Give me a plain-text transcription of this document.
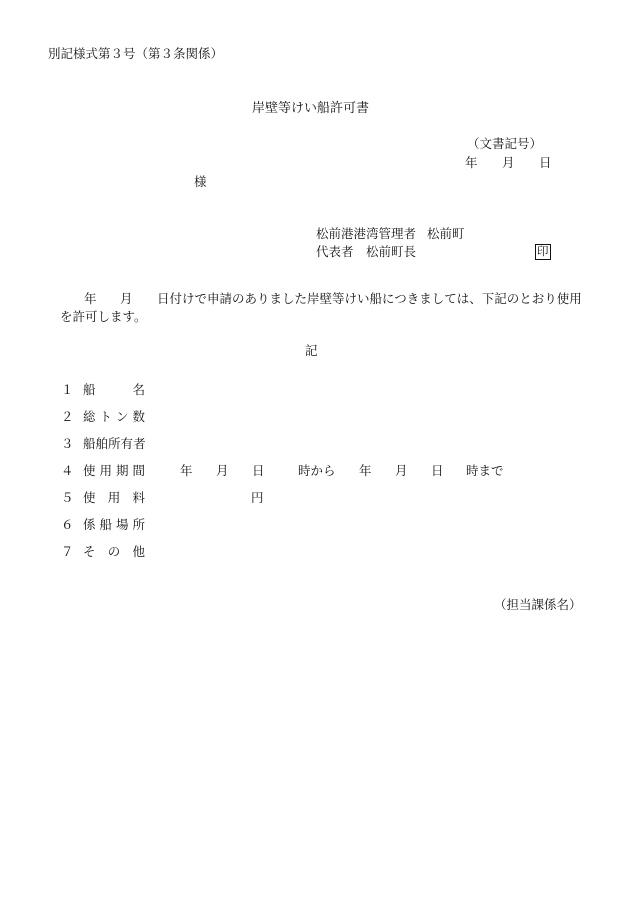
別記様式第３号（第３条関係）
岸壁等けい船許可書
（文書記号）
年 月 日
様
松前港港湾管理者 松前町
代表者 松前町長	印
年 月 日付けで申請のありました岸壁等けい船につきましては、下記のとおり使用
を許可します。
記
１ 船	名
２ 総 ト ン 数
３ 船 舶 所 有 者
４ 使 用 期 間	年 月 日	時から 年 月 日 時まで
５ 使 用 料	円
６ 係 船 場 所
７ そ の 他
（担当課係名）
